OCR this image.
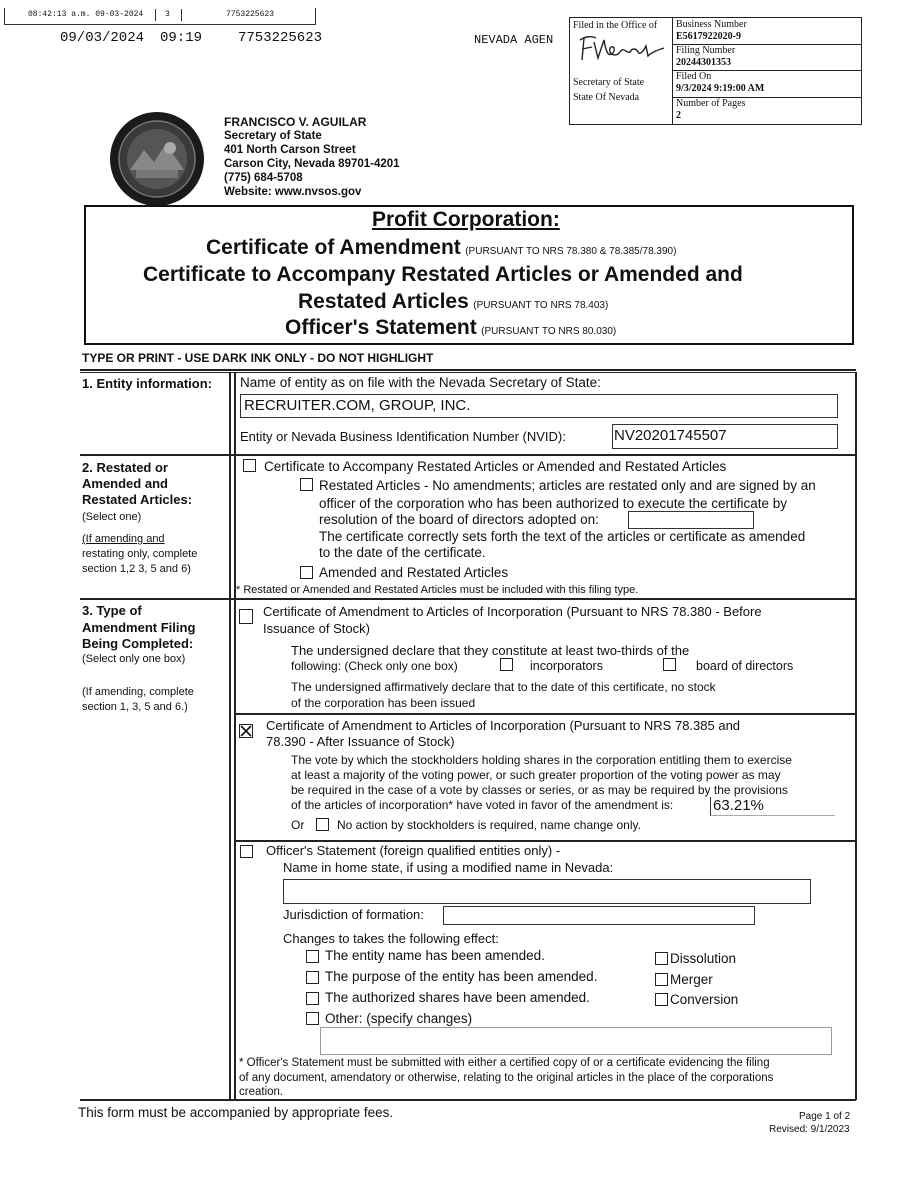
08:42:13 a.m. 09-03-2024	3	7753225623
09/03/2024 09:19	7753225623	NEVADA AGEN
Filed in the Office of
Secretary of State
State Of Nevada
Business Number
E5617922020-9
Filing Number
20244301353
Filed On
9/3/2024 9:19:00 AM
Number of Pages
2
FRANCISCO V. AGUILAR
Secretary of State
401 North Carson Street
Carson City, Nevada 89701-4201
(775) 684-5708
Website: www.nvsos.gov
Profit Corporation:
Certificate of Amendment (PURSUANT TO NRS 78.380 & 78.385/78.390)
Certificate to Accompany Restated Articles or Amended and
Restated Articles (PURSUANT TO NRS 78.403)
Officer's Statement (PURSUANT TO NRS 80.030)
TYPE OR PRINT - USE DARK INK ONLY - DO NOT HIGHLIGHT
1. Entity information: Name of entity as on file with the Nevada Secretary of State:
RECRUITER.COM, GROUP, INC.
Entity or Nevada Business Identification Number (NVID):	NV20201745507
2. Restated or
Amended and
Restated Articles:
(Select one)
(If amending and
restating only, complete
section 1,2 3, 5 and 6)
Certificate to Accompany Restated Articles or Amended and Restated Articles
Restated Articles - No amendments; articles are restated only and are signed by an
officer of the corporation who has been authorized to execute the certificate by
resolution of the board of directors adopted on:
The certificate correctly sets forth the text of the articles or certificate as amended
to the date of the certificate.
Amended and Restated Articles
* Restated or Amended and Restated Articles must be included with this filing type.
3. Type of
Amendment Filing
Being Completed:
(Select only one box)
(If amending, complete
section 1, 3, 5 and 6.)
Certificate of Amendment to Articles of Incorporation (Pursuant to NRS 78.380 - Before
Issuance of Stock)
The undersigned declare that they constitute at least two-thirds of the
following: (Check only one box)	incorporators	board of directors
The undersigned affirmatively declare that to the date of this certificate, no stock
of the corporation has been issued
Certificate of Amendment to Articles of Incorporation (Pursuant to NRS 78.385 and
78.390 - After Issuance of Stock)
The vote by which the stockholders holding shares in the corporation entitling them to exercise
at least a majority of the voting power, or such greater proportion of the voting power as may
be required in the case of a vote by classes or series, or as may be required by the provisions
of the articles of incorporation* have voted in favor of the amendment is:	63.21%
Or	No action by stockholders is required, name change only.
Officer's Statement (foreign qualified entities only) -
Name in home state, if using a modified name in Nevada:
Jurisdiction of formation:
Changes to takes the following effect:
The entity name has been amended.
The purpose of the entity has been amended.
The authorized shares have been amended.
Other: (specify changes)
Dissolution
Merger
Conversion
* Officer's Statement must be submitted with either a certified copy of or a certificate evidencing the filing
of any document, amendatory or otherwise, relating to the original articles in the place of the corporations
creation.
This form must be accompanied by appropriate fees.	Page 1 of 2
Revised: 9/1/2023
